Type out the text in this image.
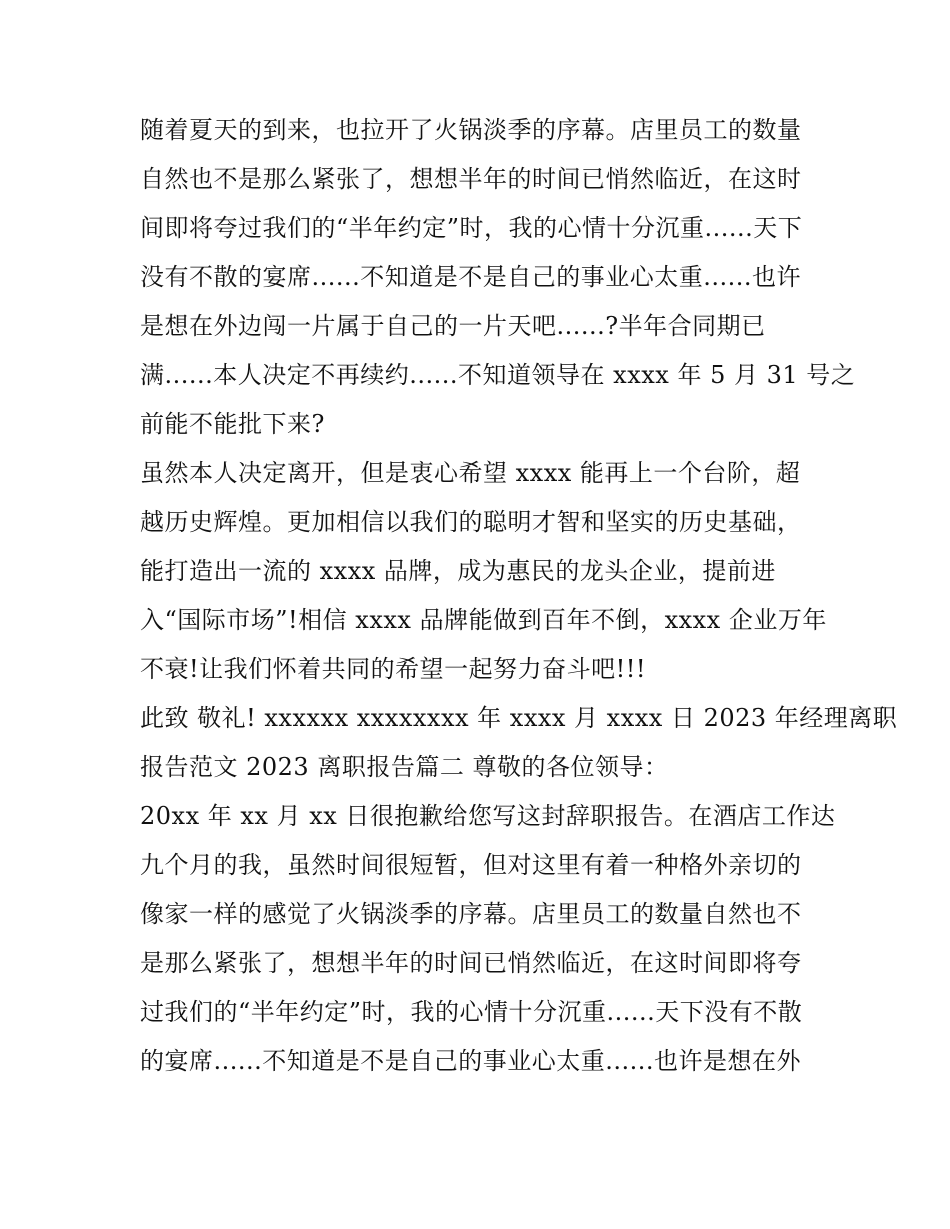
随着夏天的到来，也拉开了火锅淡季的序幕。店里员工的数量
自然也不是那么紧张了，想想半年的时间已悄然临近，在这时
间即将夸过我们的“半年约定”时，我的心情十分沉重......天下
没有不散的宴席......不知道是不是自己的事业心太重......也许
是想在外边闯一片属于自己的一片天吧......?半年合同期已
满......本人决定不再续约......不知道领导在 xxxx 年 5 月 31 号之
前能不能批下来?

虽然本人决定离开，但是衷心希望 xxxx 能再上一个台阶，超
越历史辉煌。更加相信以我们的聪明才智和坚实的历史基础，
能打造出一流的 xxxx 品牌，成为惠民的龙头企业，提前进
入“国际市场”!相信 xxxx 品牌能做到百年不倒，xxxx 企业万年
不衰!让我们怀着共同的希望一起努力奋斗吧!!!

此致 敬礼! xxxxxx xxxxxxxx 年 xxxx 月 xxxx 日 2023 年经理离职
报告范文 2023 离职报告篇二 尊敬的各位领导：

20xx 年 xx 月 xx 日很抱歉给您写这封辞职报告。在酒店工作达
九个月的我，虽然时间很短暂，但对这里有着一种格外亲切的
像家一样的感觉了火锅淡季的序幕。店里员工的数量自然也不
是那么紧张了，想想半年的时间已悄然临近，在这时间即将夸
过我们的“半年约定”时，我的心情十分沉重......天下没有不散
的宴席......不知道是不是自己的事业心太重......也许是想在外
